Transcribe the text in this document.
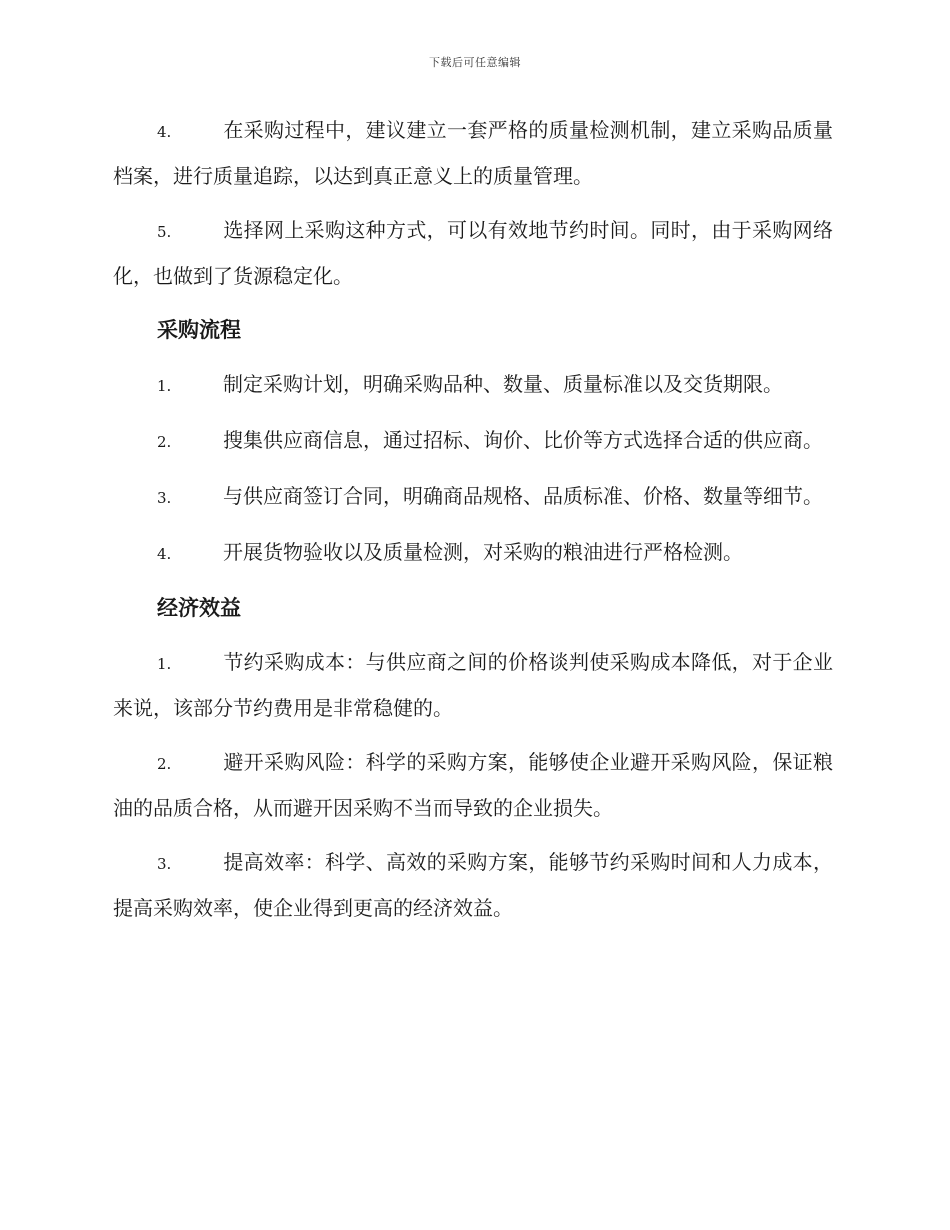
下载后可任意编辑

4.	在采购过程中，建议建立一套严格的质量检测机制，建立采购品质量档案，进行质量追踪，以达到真正意义上的质量管理。

5.	选择网上采购这种方式，可以有效地节约时间。同时，由于采购网络化，也做到了货源稳定化。

采购流程

1.	制定采购计划，明确采购品种、数量、质量标准以及交货期限。

2.	搜集供应商信息，通过招标、询价、比价等方式选择合适的供应商。

3.	与供应商签订合同，明确商品规格、品质标准、价格、数量等细节。

4.	开展货物验收以及质量检测，对采购的粮油进行严格检测。

经济效益

1.	节约采购成本：与供应商之间的价格谈判使采购成本降低，对于企业来说，该部分节约费用是非常稳健的。

2.	避开采购风险：科学的采购方案，能够使企业避开采购风险，保证粮油的品质合格，从而避开因采购不当而导致的企业损失。

3.	提高效率：科学、高效的采购方案，能够节约采购时间和人力成本，提高采购效率，使企业得到更高的经济效益。
